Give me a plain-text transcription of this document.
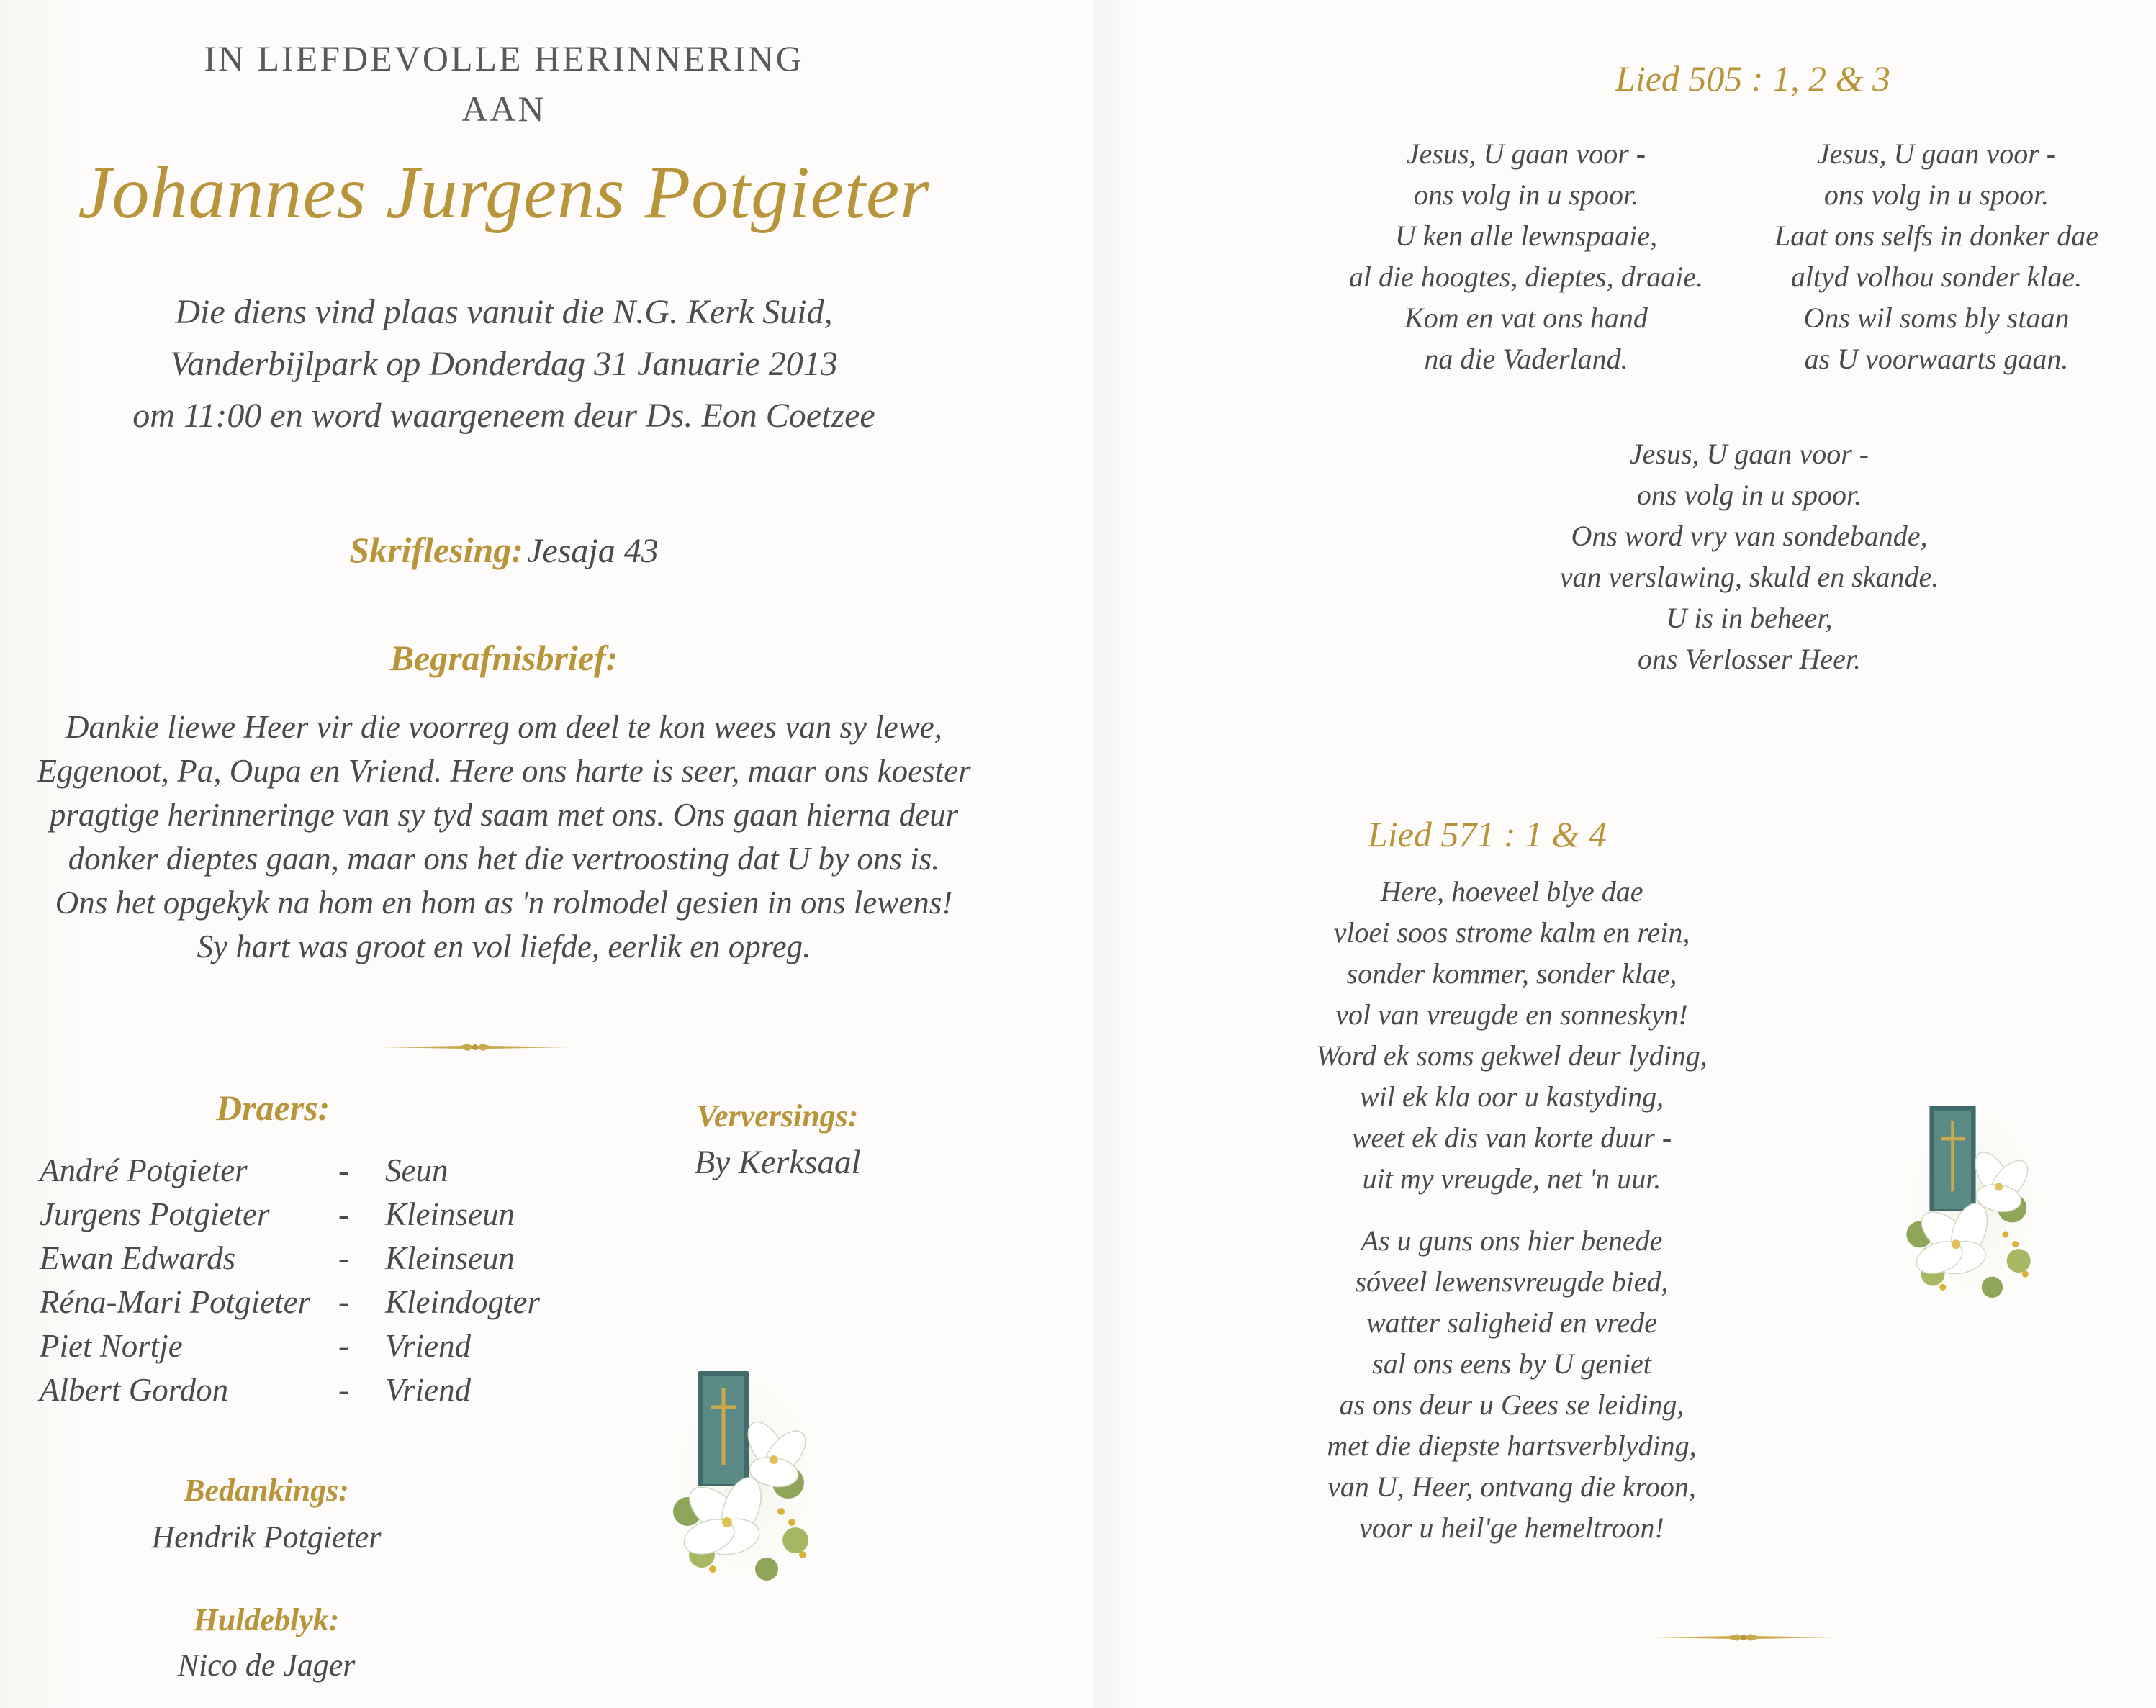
IN LIEFDEVOLLE HERINNERING
AAN
Johannes Jurgens Potgieter
Die diens vind plaas vanuit die N.G. Kerk Suid,
Vanderbijlpark op Donderdag 31 Januarie 2013
om 11:00 en word waargeneem deur Ds. Eon Coetzee
Skriflesing: Jesaja 43
Begrafnisbrief:
Dankie liewe Heer vir die voorreg om deel te kon wees van sy lewe,
Eggenoot, Pa, Oupa en Vriend. Here ons harte is seer, maar ons koester
pragtige herinneringe van sy tyd saam met ons. Ons gaan hierna deur
donker dieptes gaan, maar ons het die vertroosting dat U by ons is.
Ons het opgekyk na hom en hom as 'n rolmodel gesien in ons lewens!
Sy hart was groot en vol liefde, eerlik en opreg.
Draers:
André Potgieter	- Seun
Jurgens Potgieter - Kleinseun
Ewan Edwards	- Kleinseun
Réna-Mari Potgieter - Kleindogter
Piet Nortje	- Vriend
Albert Gordon	- Vriend
Verversings:
By Kerksaal
Bedankings:
Hendrik Potgieter
Huldeblyk:
Nico de Jager
Lied 505 : 1, 2 & 3
Jesus, U gaan voor -
ons volg in u spoor.
U ken alle lewnspaaie,
al die hoogtes, dieptes, draaie.
Kom en vat ons hand
na die Vaderland.
Jesus, U gaan voor -
ons volg in u spoor.
Laat ons selfs in donker dae
altyd volhou sonder klae.
Ons wil soms bly staan
as U voorwaarts gaan.
Jesus, U gaan voor -
ons volg in u spoor.
Ons word vry van sondebande,
van verslawing, skuld en skande.
U is in beheer,
ons Verlosser Heer.
Lied 571 : 1 & 4
Here, hoeveel blye dae
vloei soos strome kalm en rein,
sonder kommer, sonder klae,
vol van vreugde en sonneskyn!
Word ek soms gekwel deur lyding,
wil ek kla oor u kastyding,
weet ek dis van korte duur -
uit my vreugde, net 'n uur.
As u guns ons hier benede
sóveel lewensvreugde bied,
watter saligheid en vrede
sal ons eens by U geniet
as ons deur u Gees se leiding,
met die diepste hartsverblyding,
van U, Heer, ontvang die kroon,
voor u heil'ge hemeltroon!
